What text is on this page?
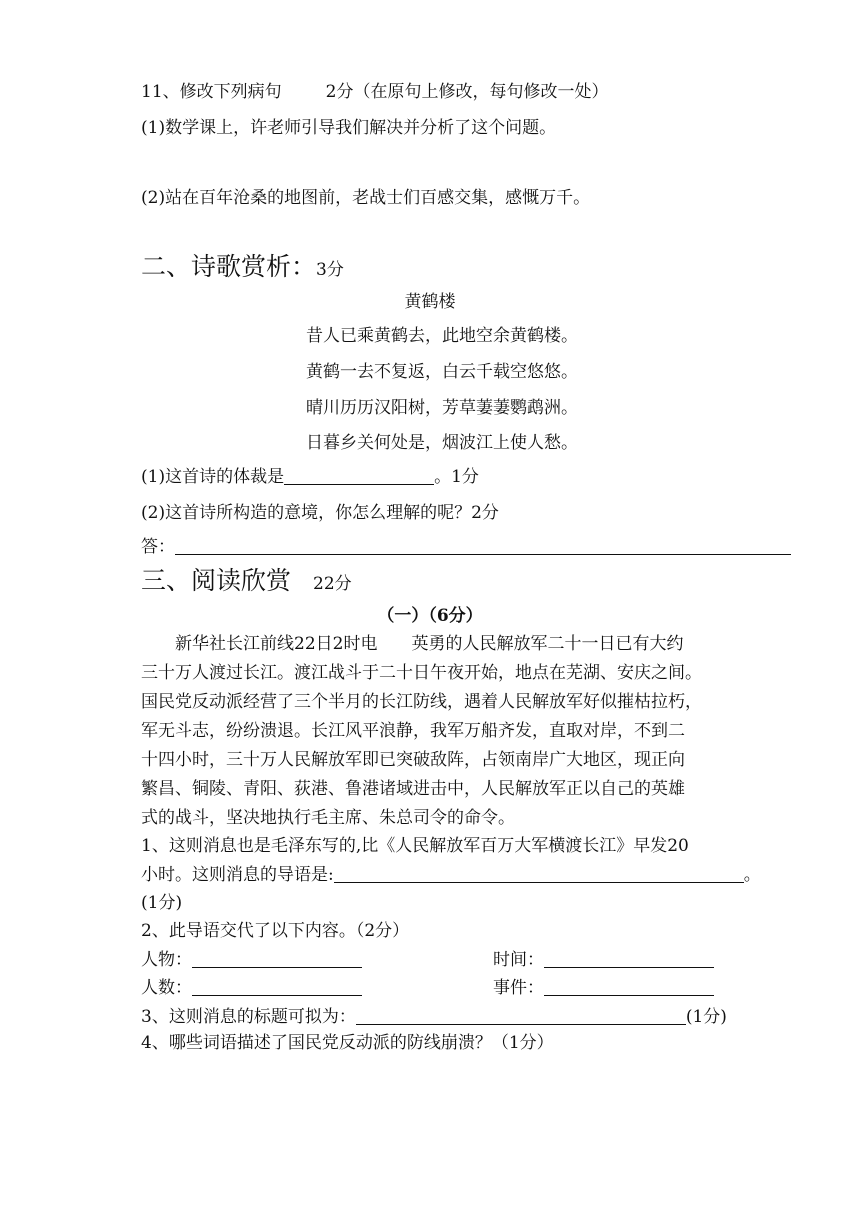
11、修改下列病句	2分（在原句上修改，每句修改一处）
(1)数学课上，许老师引导我们解决并分析了这个问题。
(2)站在百年沧桑的地图前，老战士们百感交集，感慨万千。
二、诗歌赏析：3分
黄鹤楼
昔人已乘黄鹤去，此地空余黄鹤楼。
黄鹤一去不复返，白云千载空悠悠。
晴川历历汉阳树，芳草萋萋鹦鹉洲。
日暮乡关何处是，烟波江上使人愁。
(1)这首诗的体裁是	。1分
(2)这首诗所构造的意境，你怎么理解的呢？2分
答：
三、阅读欣赏 22分
（一）（6分）
新华社长江前线22日2时电　　英勇的人民解放军二十一日已有大约
三十万人渡过长江。渡江战斗于二十日午夜开始，地点在芜湖、安庆之间。
国民党反动派经营了三个半月的长江防线，遇着人民解放军好似摧枯拉朽，
军无斗志，纷纷溃退。长江风平浪静，我军万船齐发，直取对岸，不到二
十四小时，三十万人民解放军即已突破敌阵，占领南岸广大地区，现正向
繁昌、铜陵、青阳、荻港、鲁港诸域进击中，人民解放军正以自己的英雄
式的战斗，坚决地执行毛主席、朱总司令的命令。
1、这则消息也是毛泽东写的,比《人民解放军百万大军横渡长江》早发20
小时。这则消息的导语是:	。
(1分)
2、此导语交代了以下内容。（2分）
人物：	时间：
人数：	事件：
3、这则消息的标题可拟为：	(1分)
4、哪些词语描述了国民党反动派的防线崩溃？（1分）
